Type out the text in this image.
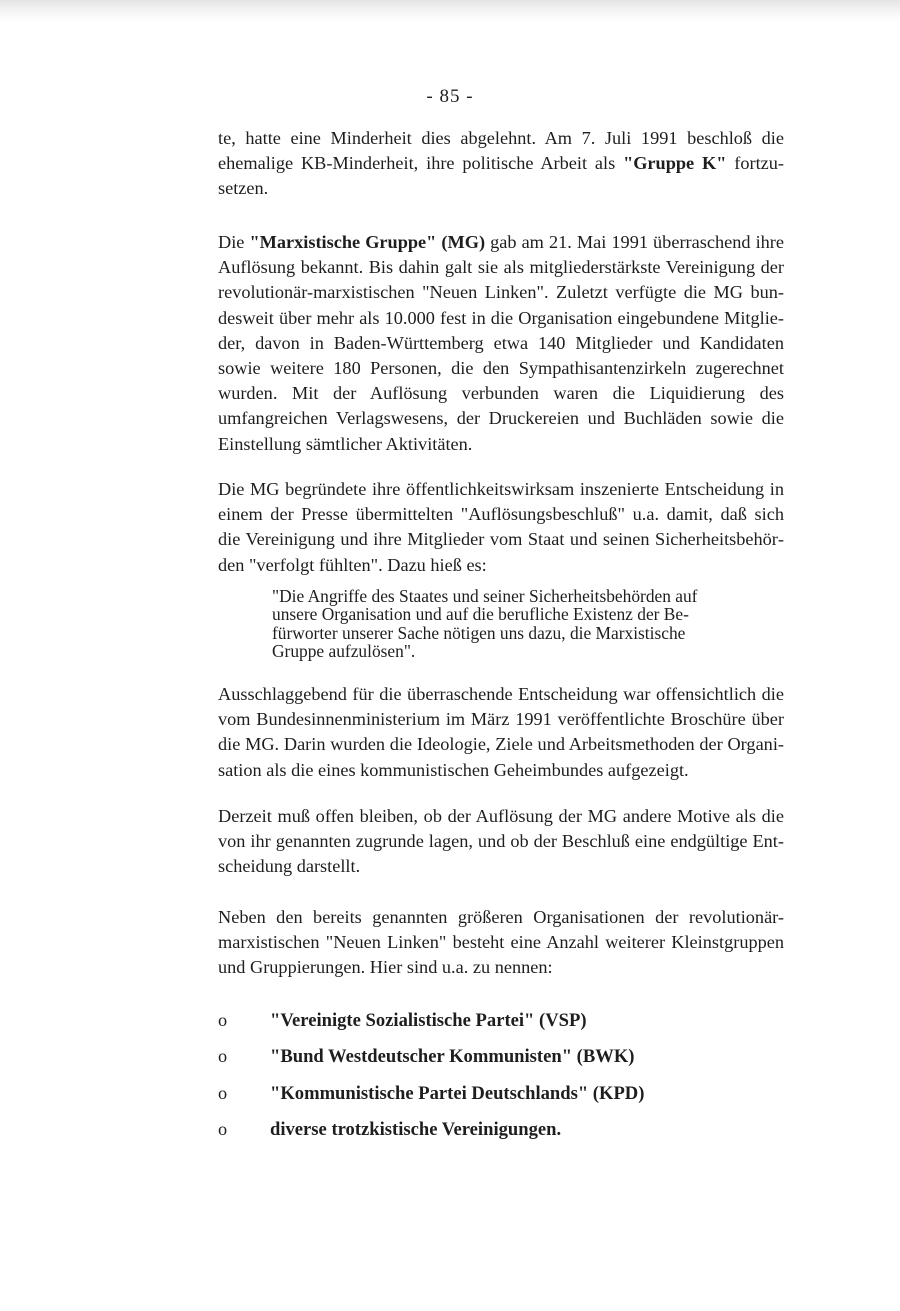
- 85 -

te, hatte eine Minderheit dies abgelehnt. Am 7. Juli 1991 beschloß die ehemalige KB-Minderheit, ihre politische Arbeit als "Gruppe K" fortzusetzen.

Die "Marxistische Gruppe" (MG) gab am 21. Mai 1991 überraschend ihre Auflösung bekannt. Bis dahin galt sie als mitgliederstärkste Vereinigung der revolutionär-marxistischen "Neuen Linken". Zuletzt verfügte die MG bundesweit über mehr als 10.000 fest in die Organisation eingebundene Mitglieder, davon in Baden-Württemberg etwa 140 Mitglieder und Kandidaten sowie weitere 180 Personen, die den Sympathisantenzirkeln zugerechnet wurden. Mit der Auflösung verbunden waren die Liquidierung des umfangreichen Verlagswesens, der Druckereien und Buchläden sowie die Einstellung sämtlicher Aktivitäten.

Die MG begründete ihre öffentlichkeitswirksam inszenierte Entscheidung in einem der Presse übermittelten "Auflösungsbeschluß" u.a. damit, daß sich die Vereinigung und ihre Mitglieder vom Staat und seinen Sicherheitsbehörden "verfolgt fühlten". Dazu hieß es:

"Die Angriffe des Staates und seiner Sicherheitsbehörden auf
unsere Organisation und auf die berufliche Existenz der Be-
fürworter unserer Sache nötigen uns dazu, die Marxistische
Gruppe aufzulösen".

Ausschlaggebend für die überraschende Entscheidung war offensichtlich die vom Bundesinnenministerium im März 1991 veröffentlichte Broschüre über die MG. Darin wurden die Ideologie, Ziele und Arbeitsmethoden der Organisation als die eines kommunistischen Geheimbundes aufgezeigt.

Derzeit muß offen bleiben, ob der Auflösung der MG andere Motive als die von ihr genannten zugrunde lagen, und ob der Beschluß eine endgültige Entscheidung darstellt.

Neben den bereits genannten größeren Organisationen der revolutionär-marxistischen "Neuen Linken" besteht eine Anzahl weiterer Kleinstgruppen und Gruppierungen. Hier sind u.a. zu nennen:

o	"Vereinigte Sozialistische Partei" (VSP)
o	"Bund Westdeutscher Kommunisten" (BWK)
o	"Kommunistische Partei Deutschlands" (KPD)
o	diverse trotzkistische Vereinigungen.
